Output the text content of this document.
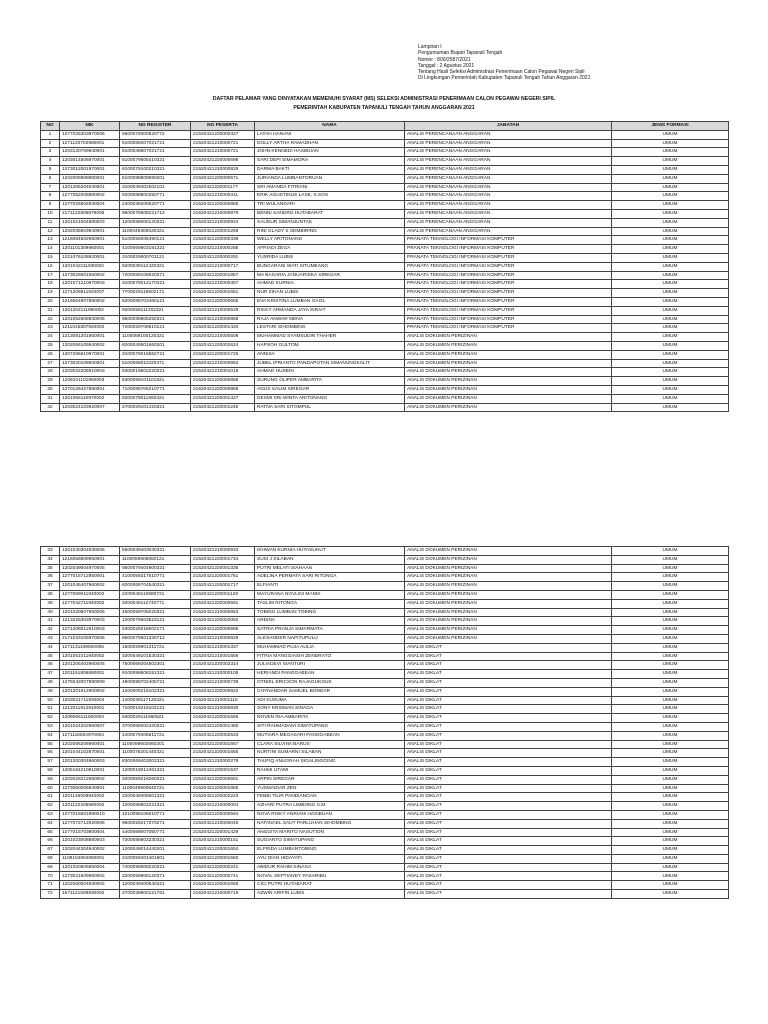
Lampiran I
Pengumuman Bupati Tapanuli Tengah
Nomor : 800/2587/2021
Tanggal : 2 Agustus 2021
Tentang Hasil Seleksi Administrasi Penerimaan Calon Pegawai Negeri Sipil
Di Lingkungan Pemerintah Kabupaten Tapanuli Tengah Tahun Anggaran 2021
DAFTAR PELAMAR YANG DINYATAKAN MEMENUHI SYARAT (MS) SELEKSI ADMINISTRASI PENERIMAAN CALON PEGAWAI NEGERI SIPIL
PEMERINTAH KABUPATEN TAPANULI TENGAH TAHUN ANGGARAN 2021
NO	NIK	NO REGISTER	NO PESERTA	NAMA	JABATAN	JENIS FORMASI
1	1277025303970006	5600079300520772	21520421220000327	LATAH HANANI	ANALIS PERENCANAAN ANGGARAN	UMUM
2	1271120702980001	6100089207021721	21520421210000721	DOLLY ARTHA RAMADHAN	ANALIS PERENCANAAN ANGGARAN	UMUM
3	1203120709940001	8100049607021721	21520421210000721	JOHN KENNEDI HASIBUAN	ANALIS PERENCANAAN ANGGARAN	UMUM
4	1203014506970001	5100079605410321	21520421220000698	SARI DEPI SIMAMORA	ANALIS PERENCANAAN ANGGARAN	UMUM
5	1273012001970001	8100079100210321	21520421210000825	DARMA BAKTI	ANALIS PERENCANAAN ANGGARAN	UMUM
6	1202006908980001	6100088809690201	21520421220000671	JURIANDA LUMBANTORUAN	ANALIS PERENCANAAN ANGGARAN	UMUM
7	1201205204940001	3100049402502101	21520421220001177	SRI AMANDA FITRIANI	ANALIS PERENCANAAN ANGGARAN	UMUM
8	1277052008880002	9200088800250771	21520421210000311	ERIK AGUSTINUS LASE, S.SOS	ANALIS PERENCANAAN ANGGARAN	UMUM
9	1277025802930004	2400039208520771	21520421220000885	TRI WULANDARI	ANALIS PERENCANAAN ANGGARAN	UMUM
10	2171122805879006	9600078508221712	21520421210000879	BENNI SANDRO HUTABARAT	ANALIS PERENCANAAN ANGGARAN	UMUM
11	1201021004880003	1200088000120321	21520421210000934	SAUDUR SIMANJUNTAK	ANALIS PERENCANAAN ANGGARAN	UMUM
12	1202035603940001	1100049306530321	21520421220001259	RINI GLADY S SEMBIRING	ANALIS PERENCANAAN ANGGARAN	UMUM
13	1216084502950001	5100059205490121	21520421220000339	WELLY ARITONANG	PRANATA TEKNOLOGI INFORMASI KOMPUTER	UMUM
14	1201101309960001	4100069603191321	21520421210000288	AFRIADI ZEGA	PRANATA TEKNOLOGI INFORMASI KOMPUTER	UMUM
15	1221076108920001	3100029800701121	21520421220000291	YUSRIDA LUBIS	PRANATA TEKNOLOGI INFORMASI KOMPUTER	UMUM
16	1201042111930002	9200039112420321	21520421210000717	BUNGARANI WATI SITUMEANG	PRANATA TEKNOLOGI INFORMASI KOMPUTER	UMUM
17	1273026601950002	7200059106620371	21520421220001857	MA BASARIA JANUARISKA SIREGAR	PRANATA TEKNOLOGI INFORMASI KOMPUTER	UMUM
18	1201071210870003	3100078012170321	21520421210000357	AHMAD KURNIA	PRANATA TEKNOLOGI INFORMASI KOMPUTER	UMUM
19	1271205911920007	7700029119502171	21520421220001651	NUR ZIHAN LUBIS	PRANATA TEKNOLOGI INFORMASI KOMPUTER	UMUM
20	1216064907880002	5200088703460121	21520421220000655	EVA KRISTINA LUMBAN GAOL	PRANATA TEKNOLOGI INFORMASI KOMPUTER	UMUM
21	1201202111950002	9200059111202321	21520421210000529	RICKY ARMANDA JAYA SIRAIT	PRANATA TEKNOLOGI INFORMASI KOMPUTER	UMUM
22	1201052508930005	9500039805250321	21520421210000869	RAJA ANWAR MENA	PRANATA TEKNOLOGI INFORMASI KOMPUTER	UMUM
23	1211015807920002	7200029708510121	21520421220001420	LESTARI SIHOMBING	PRANATA TEKNOLOGI INFORMASI KOMPUTER	UMUM
24	1213081201950001	1100059100120321	21520421210000508	MUHAMMAD SYAMSUDIN THAHER	ANALIS DOKUMEN PERIZINAN	UMUM
25	1202066105940002	8200049501660201	21520421220002624	HAPSOH GULTOM	ANALIS DOKUMEN PERIZINAN	UMUM
26	1207265610970001	3100079016562721	21520421220001725	ANNISA	ANALIS DOKUMEN PERIZINAN	UMUM
27	1273020108600001	5100068011020371	21520421210000862	JUBEL IPRIANTO PANDAPOTAN SIMANUNGKALIT	ANALIS DOKUMEN PERIZINAN	UMUM
28	1203022206910003	9300019602220321	21520421210001018	AHMAD HUSEIN	ANALIS DOKUMEN PERIZINAN	UMUM
29	1208101101950003	6300059101101821	21520421220000856	SURUNG OLIPER AMBARITA	ANALIS DOKUMEN PERIZINAN	UMUM
30	1270126427880001	7100088706210771	21520421220000858	AGUS SALIM SIREGAR	ANALIS DOKUMEN PERIZINAN	UMUM
31	1201065110970002	8200079011560321	21520421220001327	DESMI SRI WINTA ARITONANG	ANALIS DOKUMEN PERIZINAN	UMUM
32	1203024103920007	2700029101420321	21520421220001246	RATNA SARI SITOMPUL	ANALIS DOKUMEN PERIZINAN	UMUM
33	1201040304930005	5500039403040321	21520421210000933	IKHWAN KURNIA HUTASUHUT	ANALIS DOKUMEN PERIZINAN	UMUM
34	1216056809950001	1100059908650121	21520421220001734	SUSI J SILABAN	ANALIS DOKUMEN PERIZINAN	UMUM
35	1202049004970005	9500079404900321	21520421220001335	PUTRI MELATI SIAHAAN	ANALIS DOKUMEN PERIZINAN	UMUM
36	1277015712950001	4100059217510771	21520421220001761	ADELINA PERMATA SARI RITONGA	ANALIS DOKUMEN PERIZINAN	UMUM
37	1201045407960002	8200069704540321	21520421220001717	ELFIANTI	ANALIS DOKUMEN PERIZINAN	UMUM
38	1277069011940002	2200049110680721	21520421220001128	MAYURANA NOVLINI MANIK	ANALIS DOKUMEN PERIZINAN	UMUM
39	1277042711940002	3200049112740771	21520421220000591	TASLIM RITONGA	ANALIS DOKUMEN PERIZINAN	UMUM
40	1201020507950005	4500059705020321	21520421210000853	TOBING LUMBAN TOBING	ANALIS DOKUMEN PERIZINAN	UMUM
41	1213225303970003	1300079503523121	21520421220002092	ARDINA	ANALIS DOKUMEN PERIZINAN	UMUM
42	1271208012910003	5300029218002171	21520421220000995	SATRIA PRANJA SIMARMATA	ANALIS DOKUMEN PERIZINAN	UMUM
43	2171033105970005	6500079501330712	21520421210000829	ALEXANDER NAPITUPULU	ANALIS DOKUMEN PERIZINAN	UMUM
44	1271131109920005	1500029901311721	21520421210001337	MUHAMMAD PUJA AULIA	ANALIS DIKLAT	UMUM
45	1201051011940002	3200049101530321	21520421210001658	FITRIA MANGGIASIH ZENDRATO	ANALIS DIKLAT	UMUM
46	1201205402960005	7500069204502301	21520421220002314	JULIADEVI SIANTURI	ANALIS DIKLAT	UMUM
47	1201151806890001	9100098608151321	21520421210000105	HERIANDI PANGGABEAN	ANALIS DIKLAT	UMUM
48	1275042007890009	4900098702405721	21520421210000739	OTNIEL ERICSON RAJAGUKGUK	ANALIS DIKLAT	UMUM
49	1201201612900002	1200009216102321	21520421220000822	CHYNANDAR SAMUEL BONDAR	ANALIS DIKLAT	UMUM
50	1203021711930004	1400039117120321	21520421210001118	ADI KUSUMA	ANALIS DIKLAT	UMUM
51	1212011912910001	7100019219102121	21520421210000830	SONY KRISMAN SINAGA	ANALIS DIKLAT	UMUM
52	1208066111920003	6300029111660821	21520421220001659	NOVEN RIA AMBARITA	ANALIS DIKLAT	UMUM
53	1201024202960007	3700069202420321	21520421220001480	SITI RAHMADANI SIMATUPANG	ANALIS DIKLAT	UMUM
54	1271116504970004	1400079405611721	21520421220002533	MUTIARA MEGASARI PANGGABEAN	ANALIS DIKLAT	UMUM
55	1202066206960001	1100069602660201	21520421220001667	CLARA SILVINA BARUS	ANALIS DIKLAT	UMUM
56	1201044102870001	1100078201440321	21520421220001656	NURTINI SUMARNI SILABAN	ANALIS DIKLAT	UMUM
57	1201200304960003	8300069403002321	21520421210000278	TAUFIQ ANUGRAH SIGALINGGING	ANALIS DIKLAT	UMUM
58	1205164210910001	1200019012461321	21520421220001537	RAHMI UTAMI	ANALIS DIKLAT	UMUM
59	1203028212950002	3200059218260321	21520421220000691	ARPIN SIREGAR	ANALIS DIKLAT	UMUM
60	1273060005940001	1100049500640721	21520421220001885	YUSMAIDAR ZEN	ANALIS DIKLAT	UMUM
61	1201146009940002	2200049406601321	21520421220002223	FEBBI TILIR PANDIANGAN	ANALIS DIKLAT	UMUM
62	1201122205980002	1200089502221321	21520421210000004	AZHARI PUTRA LIMBONG S.M	ANALIS DIKLAT	UMUM
63	1277016601890010	1010098106610771	21520421220000584	NOVA RISKY ANRIANI HASIBUAN	ANALIS DIKLAT	UMUM
64	1277072712920006	9600029217270271	21520421210000046	NATANAEL SAUT PARLUHAN SIHOMBING	ANALIS DIKLAT	UMUM
65	1277015703900004	4400069007050771	21520421220001429	ANGGITA MARITO NASUTION	ANALIS DIKLAT	UMUM
66	1201023008880003	7300088803230321	21520421210000151	SUGIANTO SIMATUPANG	ANALIS DIKLAT	UMUM
67	1202044304940002	1200049014440201	21520421220001654	ELFRIDA LUMBANTOBING	ANALIS DIKLAT	UMUM
68	1108104904950001	2100059404401801	21520421220001660	AYU DIAN HIDAYATI	ANALIS DIKLAT	UMUM
69	1201020505850004	7400098505020321	21520421220000241	ABIDUR RAHIM SINAGA	ANALIS DIKLAT	UMUM
70	1273021609950002	2200059906120371	21520421220000741	NOVAL SEPTIANDY PASARIBU	ANALIS DIKLAT	UMUM
71	1202060004930002	1200039400640321	21520421220001669	CICI PUTRI HUTABARAT	ANALIS DIKLAT	UMUM
72	1671121008930002	3700039800121761	21520421210000719	AZWIN ARIFIN LUBIS	ANALIS DIKLAT	UMUM
